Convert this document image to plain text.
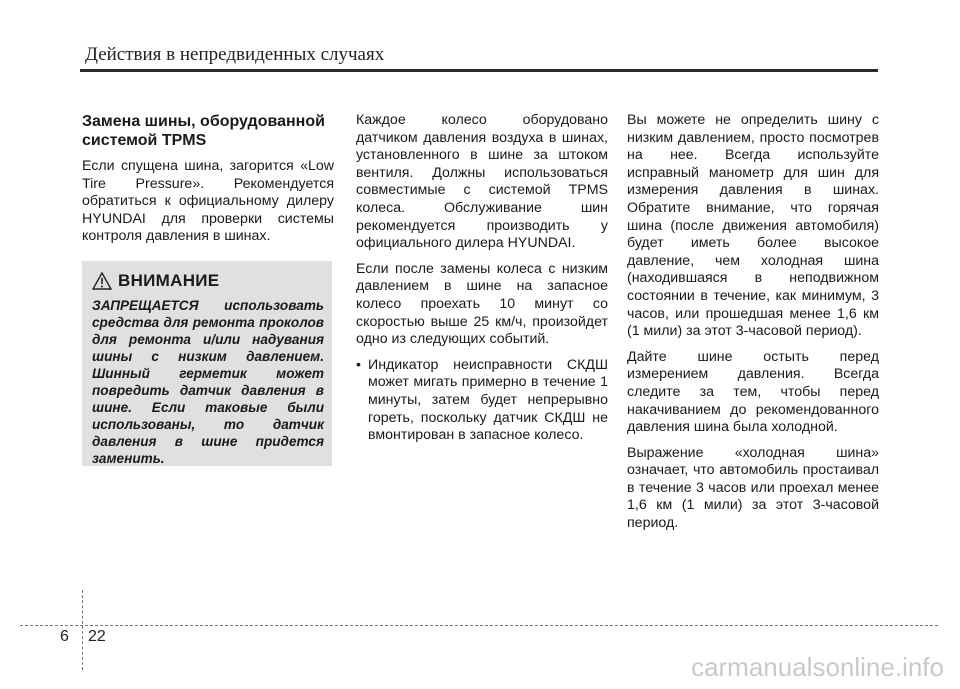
Действия в непредвиденных случаях

Замена шины, оборудованной системой TPMS

Если спущена шина, загорится «Low Tire Pressure». Рекомендуется обратиться к официальному дилеру HYUNDAI для проверки системы контроля давления в шинах.

ВНИМАНИЕ

ЗАПРЕЩАЕТСЯ использовать средства для ремонта проколов для ремонта и/или надувания шины с низким давлением. Шинный герметик может повредить датчик давления в шине. Если таковые были использованы, то датчик давления в шине придется заменить.

Каждое колесо оборудовано датчиком давления воздуха в шинах, установленного в шине за штоком вентиля. Должны использоваться совместимые с системой TPMS колеса. Обслуживание шин рекомендуется производить у официального дилера HYUNDAI.

Если после замены колеса с низким давлением в шине на запасное колесо проехать 10 минут со скоростью выше 25 км/ч, произойдет одно из следующих событий.

• Индикатор неисправности СКДШ может мигать примерно в течение 1 минуты, затем будет непрерывно гореть, поскольку датчик СКДШ не вмонтирован в запасное колесо.

Вы можете не определить шину с низким давлением, просто посмотрев на нее. Всегда используйте исправный манометр для шин для измерения давления в шинах. Обратите внимание, что горячая шина (после движения автомобиля) будет иметь более высокое давление, чем холодная шина (находившаяся в неподвижном состоянии в течение, как минимум, 3 часов, или прошедшая менее 1,6 км (1 мили) за этот 3-часовой период).

Дайте шине остыть перед измерением давления. Всегда следите за тем, чтобы перед накачиванием до рекомендованного давления шина была холодной.

Выражение «холодная шина» означает, что автомобиль простаивал в течение 3 часов или проехал менее 1,6 км (1 мили) за этот 3-часовой период.

6 22
carmanualsonline.info
